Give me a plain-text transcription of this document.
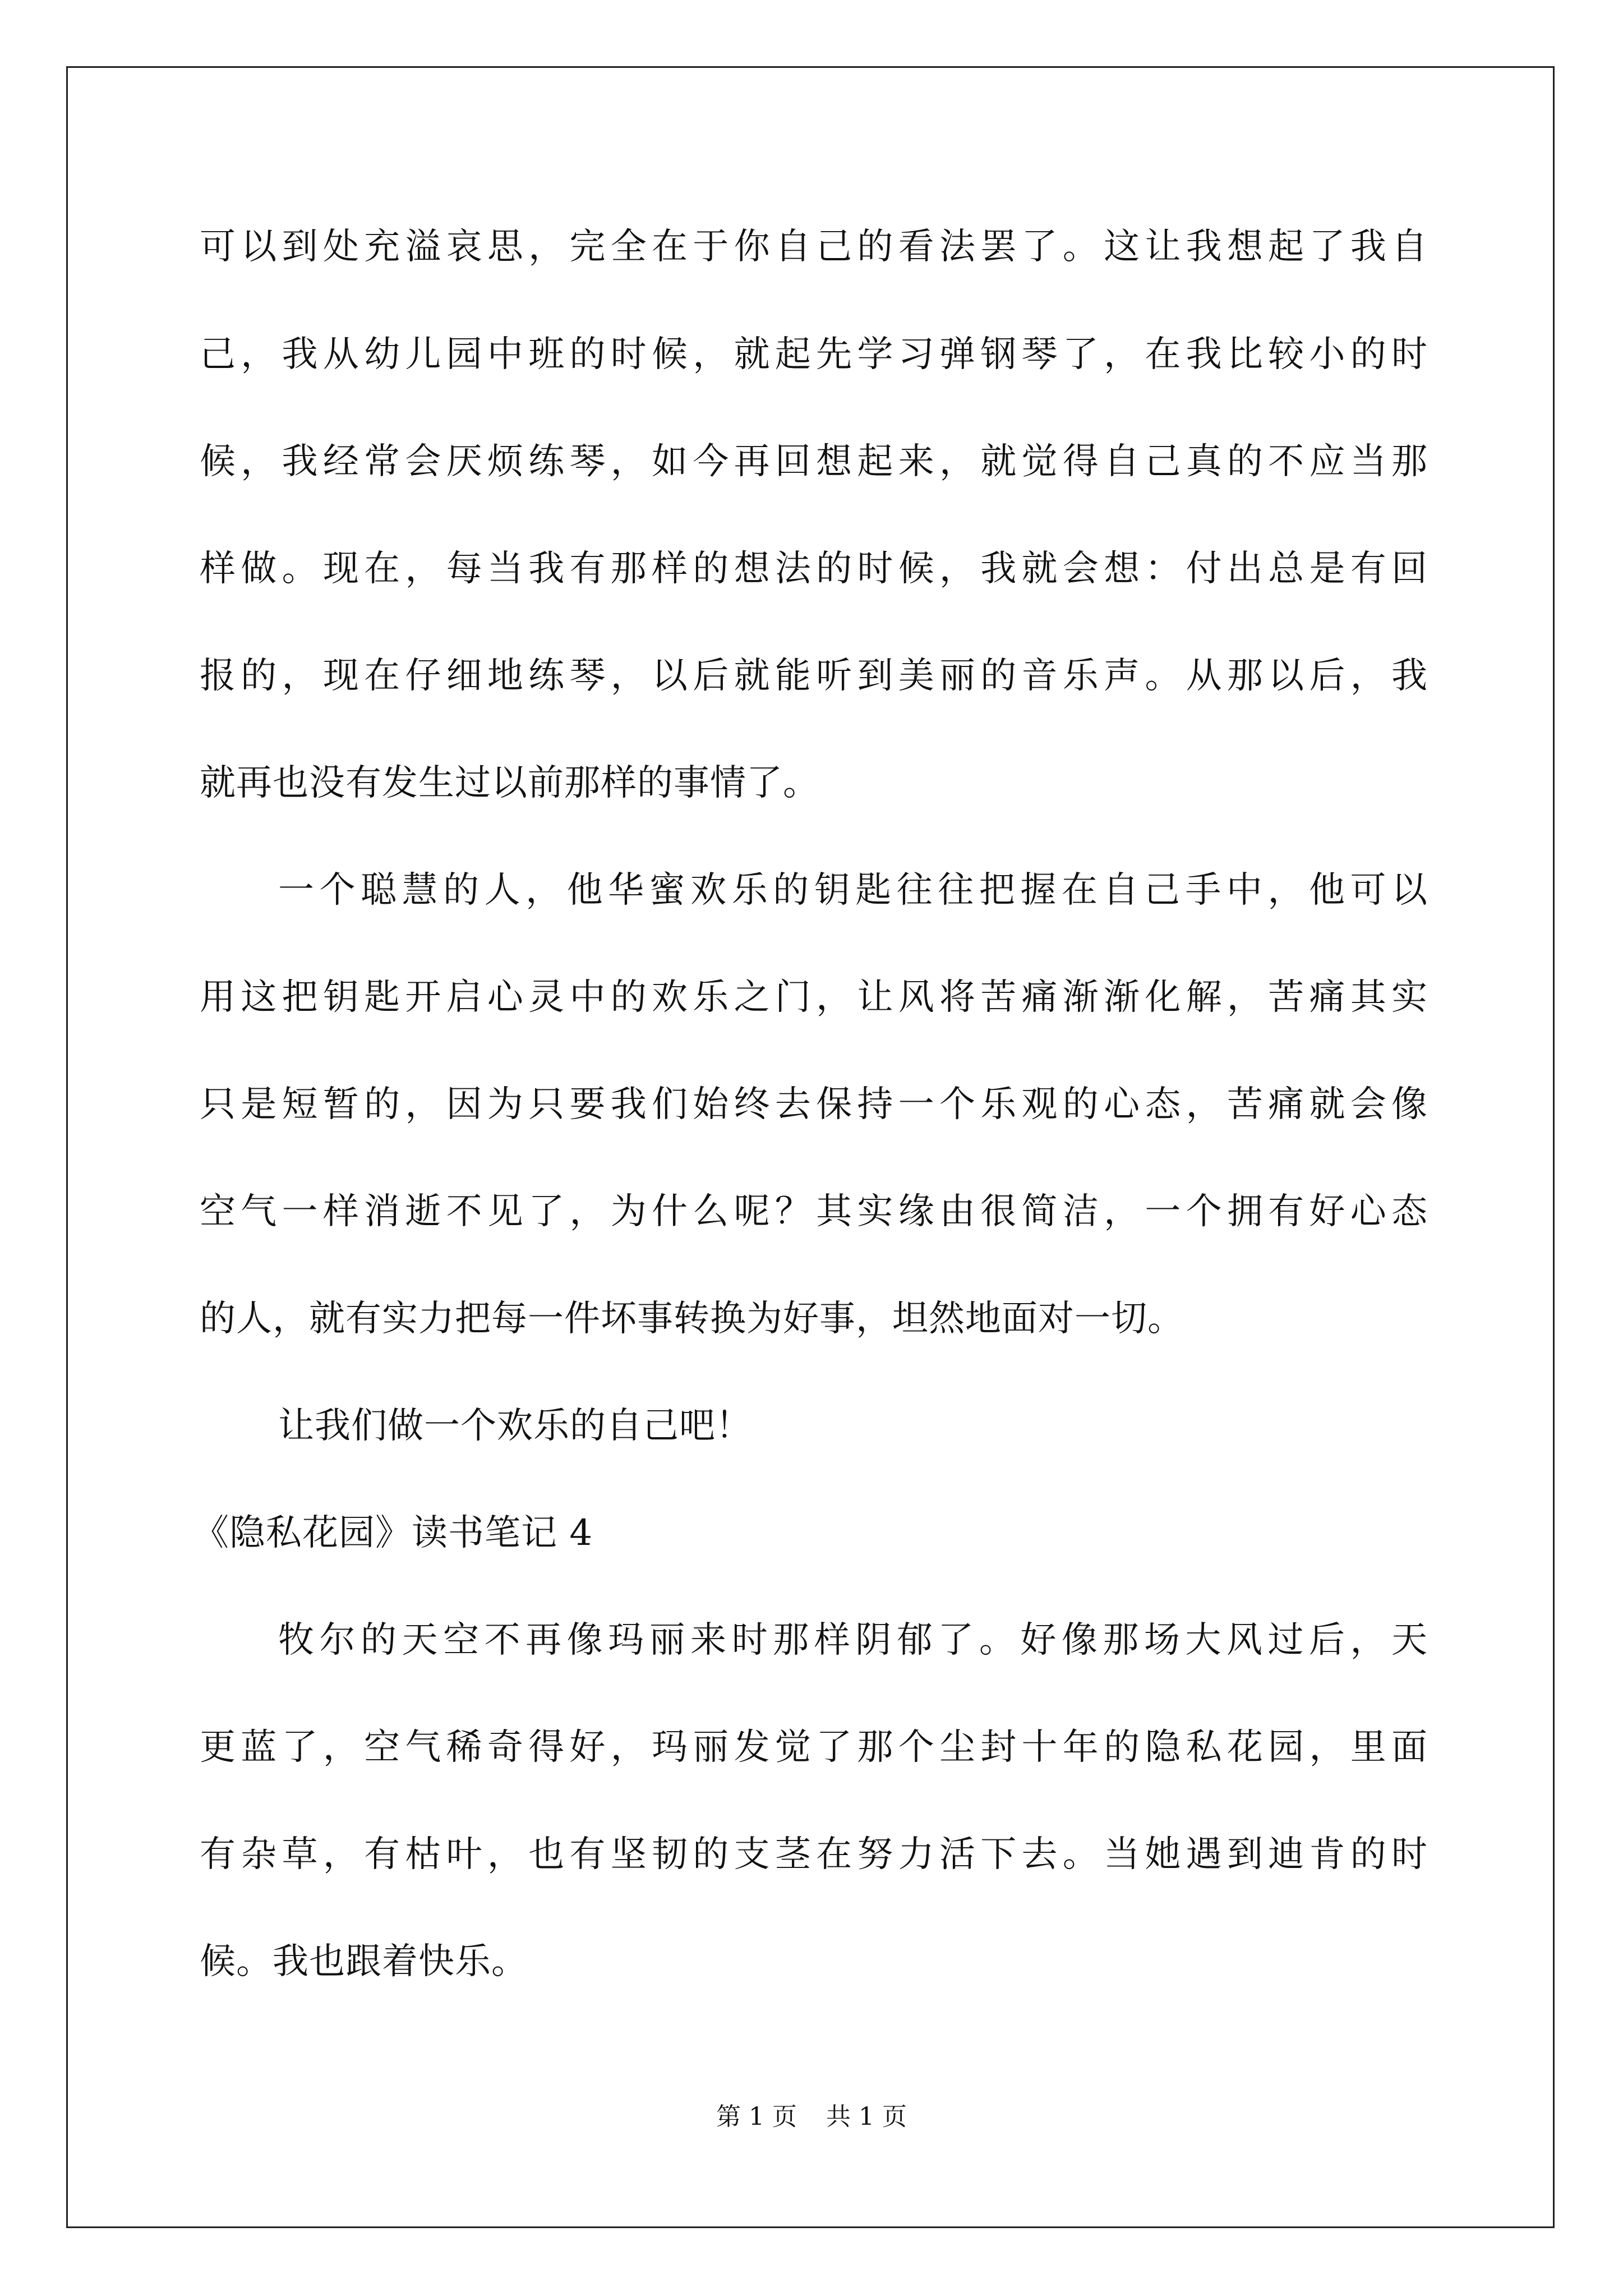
可以到处充溢哀思，完全在于你自己的看法罢了。这让我想起了我自
己，我从幼儿园中班的时候，就起先学习弹钢琴了，在我比较小的时
候，我经常会厌烦练琴，如今再回想起来，就觉得自己真的不应当那
样做。现在，每当我有那样的想法的时候，我就会想：付出总是有回
报的，现在仔细地练琴，以后就能听到美丽的音乐声。从那以后，我
就再也没有发生过以前那样的事情了。
一个聪慧的人，他华蜜欢乐的钥匙往往把握在自己手中，他可以
用这把钥匙开启心灵中的欢乐之门，让风将苦痛渐渐化解，苦痛其实
只是短暂的，因为只要我们始终去保持一个乐观的心态，苦痛就会像
空气一样消逝不见了，为什么呢？其实缘由很简洁，一个拥有好心态
的人，就有实力把每一件坏事转换为好事，坦然地面对一切。
让我们做一个欢乐的自己吧！
《隐私花园》读书笔记 4
牧尔的天空不再像玛丽来时那样阴郁了。好像那场大风过后，天
更蓝了，空气稀奇得好，玛丽发觉了那个尘封十年的隐私花园，里面
有杂草，有枯叶，也有坚韧的支茎在努力活下去。当她遇到迪肯的时
候。我也跟着快乐。
第 1 页 共 1 页
